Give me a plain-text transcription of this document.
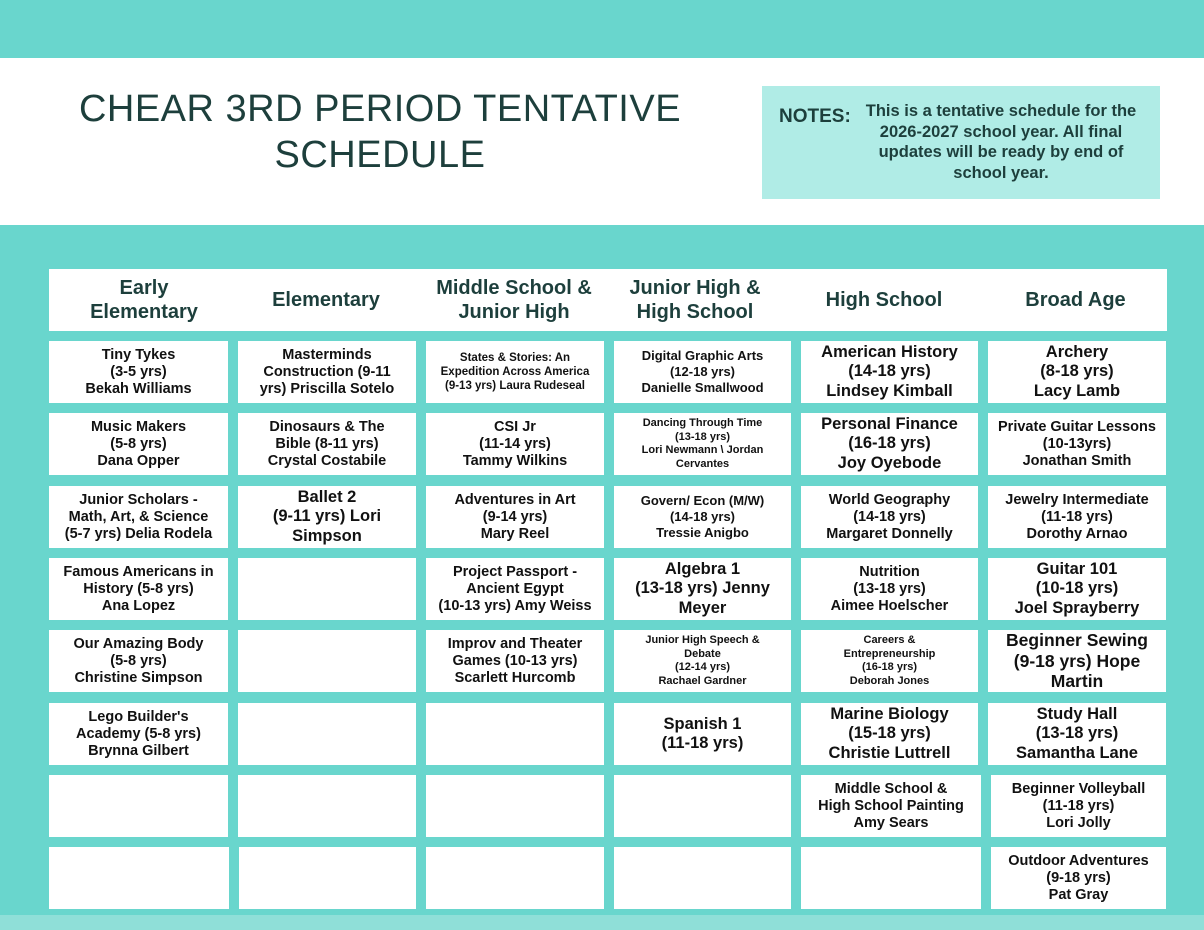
CHEAR 3RD PERIOD TENTATIVE SCHEDULE
NOTES: This is a tentative schedule for the 2026-2027 school year. All final updates will be ready by end of school year.
Early
Elementary
Elementary
Middle School &
Junior High
Junior High &
High School
High School	Broad Age
Tiny Tykes
(3-5 yrs)
Bekah Williams
Masterminds
Construction (9-11
yrs) Priscilla Sotelo
States & Stories: An
Expedition Across America
(9-13 yrs) Laura Rudeseal
Digital Graphic Arts
(12-18 yrs)
Danielle Smallwood
American History
(14-18 yrs)
Lindsey Kimball
Archery
(8-18 yrs)
Lacy Lamb
Music Makers
(5-8 yrs)
Dana Opper
Dinosaurs & The
Bible (8-11 yrs)
Crystal Costabile
CSI Jr
(11-14 yrs)
Tammy Wilkins
Dancing Through Time
(13-18 yrs)
Lori Newmann \ Jordan
Cervantes
Personal Finance
(16-18 yrs)
Joy Oyebode
Private Guitar Lessons
(10-13yrs)
Jonathan Smith
Junior Scholars -
Math, Art, & Science
(5-7 yrs) Delia Rodela
Ballet 2
(9-11 yrs) Lori
Simpson
Adventures in Art
(9-14 yrs)
Mary Reel
Govern/ Econ (M/W)
(14-18 yrs)
Tressie Anigbo
World Geography
(14-18 yrs)
Margaret Donnelly
Jewelry Intermediate
(11-18 yrs)
Dorothy Arnao
Famous Americans in
History (5-8 yrs)
Ana Lopez
Project Passport -
Ancient Egypt
(10-13 yrs) Amy Weiss
Algebra 1
(13-18 yrs) Jenny
Meyer
Nutrition
(13-18 yrs)
Aimee Hoelscher
Guitar 101
(10-18 yrs)
Joel Sprayberry
Our Amazing Body
(5-8 yrs)
Christine Simpson
Improv and Theater
Games (10-13 yrs)
Scarlett Hurcomb
Junior High Speech &
Debate
(12-14 yrs)
Rachael Gardner
Careers &
Entrepreneurship
(16-18 yrs)
Deborah Jones
Beginner Sewing
(9-18 yrs) Hope
Martin
Lego Builder's
Academy (5-8 yrs)
Brynna Gilbert
Spanish 1
(11-18 yrs)
Marine Biology
(15-18 yrs)
Christie Luttrell
Study Hall
(13-18 yrs)
Samantha Lane
Middle School &
High School Painting
Amy Sears
Beginner Volleyball
(11-18 yrs)
Lori Jolly
Outdoor Adventures
(9-18 yrs)
Pat Gray
